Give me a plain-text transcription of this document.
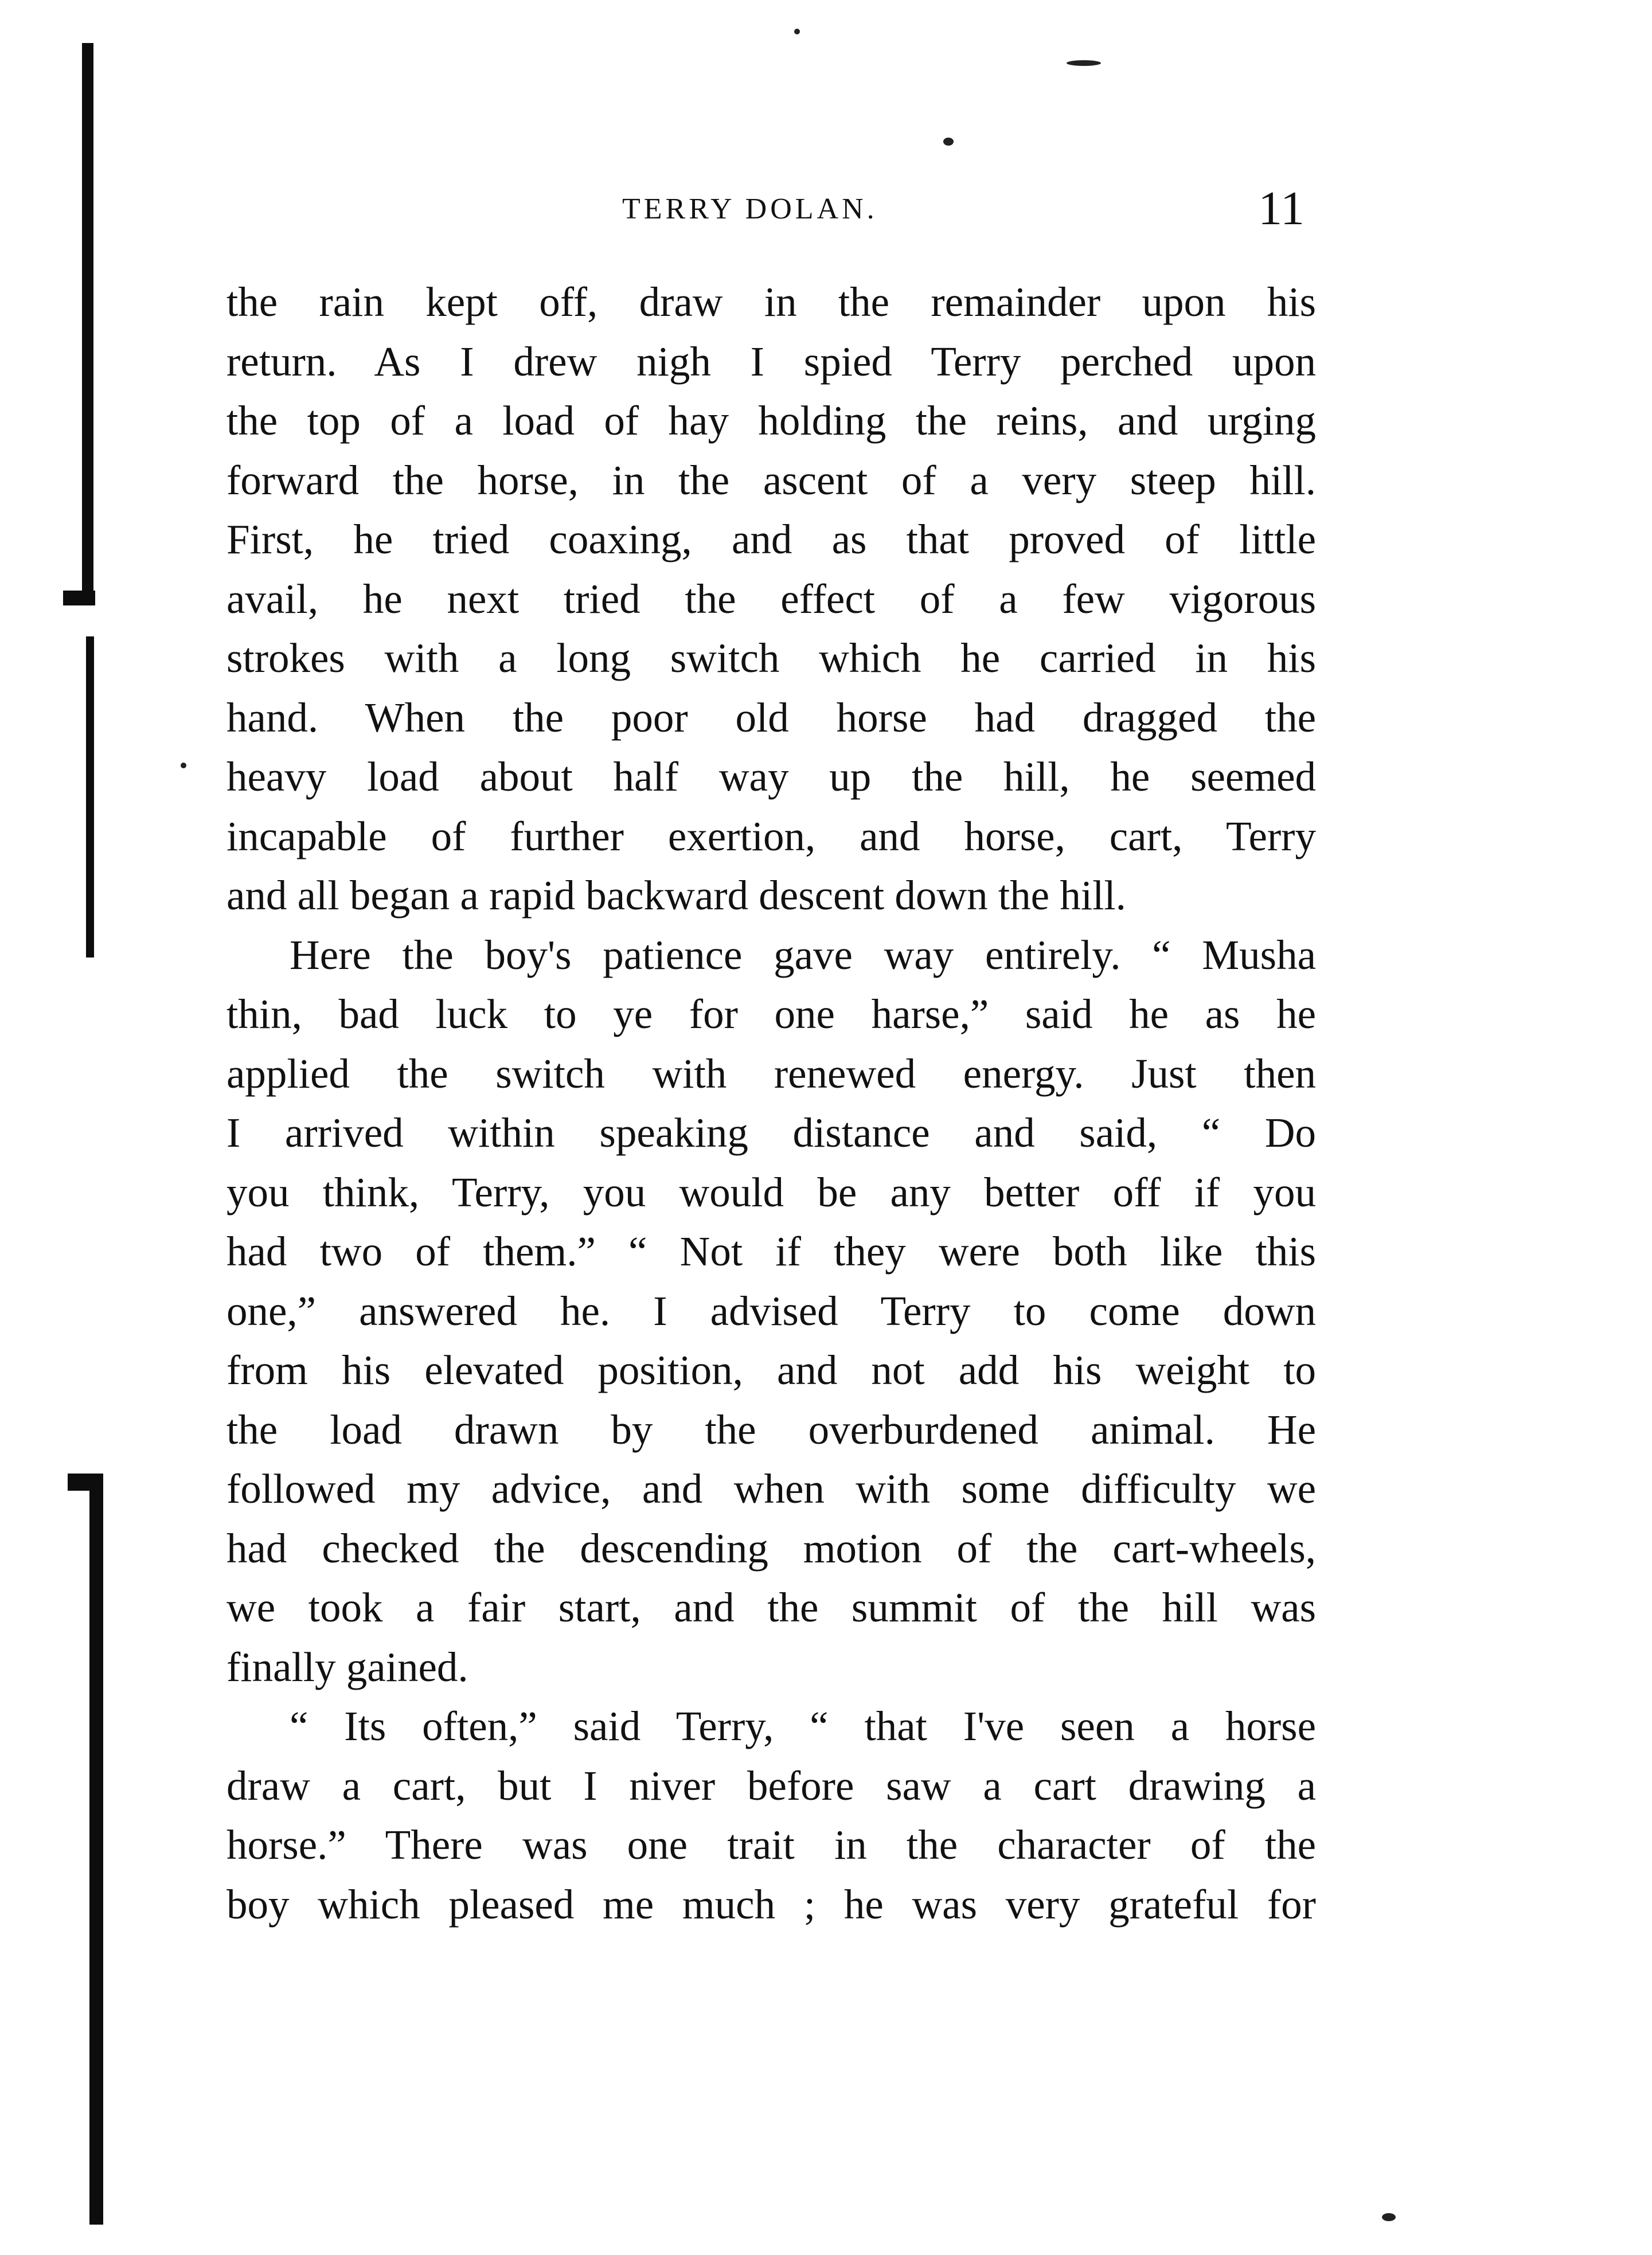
TERRY DOLAN.	11
the rain kept off, draw in the remainder upon his
return. As I drew nigh I spied Terry perched upon
the top of a load of hay holding the reins, and urging
forward the horse, in the ascent of a very steep hill.
First, he tried coaxing, and as that proved of little
avail, he next tried the effect of a few vigorous
strokes with a long switch which he carried in his
hand. When the poor old horse had dragged the
heavy load about half way up the hill, he seemed
incapable of further exertion, and horse, cart, Terry
and all began a rapid backward descent down the hill.
Here the boy's patience gave way entirely. “ Musha
thin, bad luck to ye for one harse,” said he as he
applied the switch with renewed energy. Just then
I arrived within speaking distance and said, “ Do
you think, Terry, you would be any better off if you
had two of them.” “ Not if they were both like this
one,” answered he. I advised Terry to come down
from his elevated position, and not add his weight to
the load drawn by the overburdened animal. He
followed my advice, and when with some difficulty we
had checked the descending motion of the cart-wheels,
we took a fair start, and the summit of the hill was
finally gained.
“ Its often,” said Terry, “ that I've seen a horse
draw a cart, but I niver before saw a cart drawing a
horse.” There was one trait in the character of the
boy which pleased me much ; he was very grateful for
